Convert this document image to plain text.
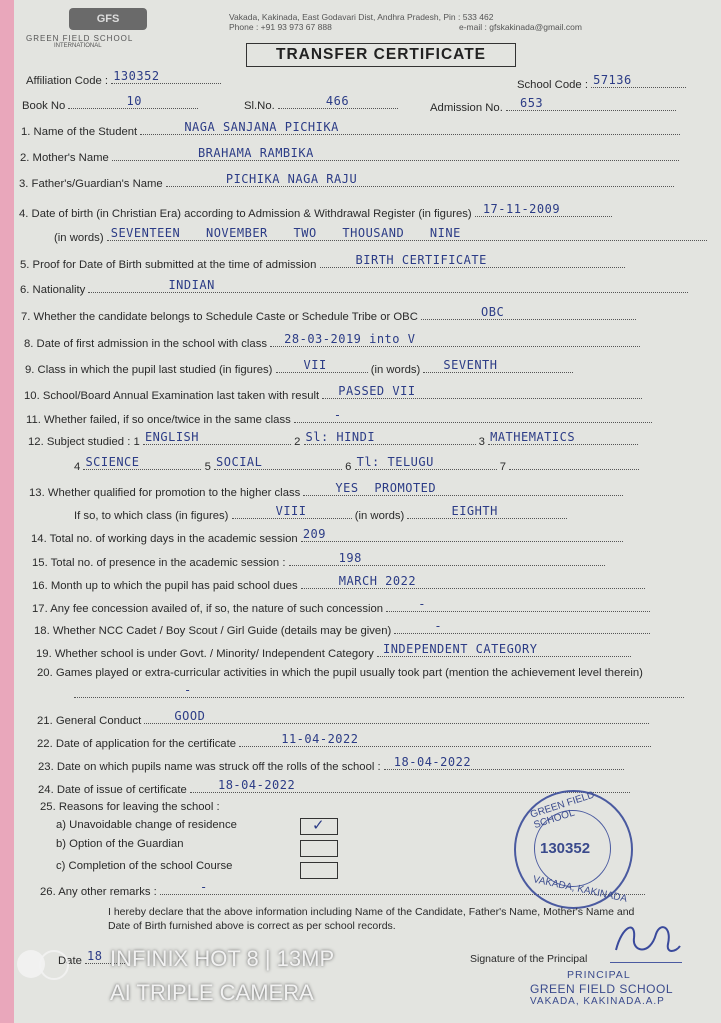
GFS
GREEN FIELD SCHOOL
INTERNATIONAL
Vakada, Kakinada, East Godavari Dist, Andhra Pradesh, Pin : 533 462
Phone : +91 93 973 67 888	e-mail : gfskakinada@gmail.com
TRANSFER CERTIFICATE
Affiliation Code : 130352
School Code : 57136
Book No	10	Sl.No.	466	Admission No. 653
1. Name of the Student	NAGA SANJANA PICHIKA
2. Mother's Name	BRAHAMA RAMBIKA
3. Father's/Guardian's Name	PICHIKA NAGA RAJU
4. Date of birth (in Christian Era) according to Admission & Withdrawal Register (in figures) 17-11-2009
(in words) SEVENTEEN NOVEMBER TWO THOUSAND NINE
5. Proof for Date of Birth submitted at the time of admission	BIRTH CERTIFICATE
6. Nationality	INDIAN
7. Whether the candidate belongs to Schedule Caste or Schedule Tribe or OBC	OBC
8. Date of first admission in the school with class 28-03-2019 into V
9. Class in which the pupil last studied (in figures)	VII	(in words) SEVENTH
10. School/Board Annual Examination last taken with result PASSED VII
11. Whether failed, if so once/twice in the same class	-
12. Subject studied : 1 ENGLISH	2 Sl: HINDI	3 MATHEMATICS
4 SCIENCE	5 SOCIAL	6 Tl: TELUGU	7
13. Whether qualified for promotion to the higher class	YES PROMOTED
If so, to which class (in figures)	VIII	(in words)	EIGHTH
14. Total no. of working days in the academic session 209
15. Total no. of presence in the academic session :	198
16. Month up to which the pupil has paid school dues	MARCH 2022
17. Any fee concession availed of, if so, the nature of such concession	-
18. Whether NCC Cadet / Boy Scout / Girl Guide (details may be given)	-
19. Whether school is under Govt. / Minority/ Independent Category INDEPENDENT CATEGORY
20. Games played or extra-curricular activities in which the pupil usually took part (mention the achievement level therein)
-
21. General Conduct	GOOD
22. Date of application for the certificate	11-04-2022
23. Date on which pupils name was struck off the rolls of the school : 18-04-2022
24. Date of issue of certificate	18-04-2022
25. Reasons for leaving the school :
a) Unavoidable change of residence	✓
b) Option of the Guardian
c) Completion of the school Course
26. Any other remarks :	-
GREEN FIELD SCHOOL
VAKADA, KAKINADA
130352
I hereby declare that the above information including Name of the Candidate, Father's Name, Mother's Name and
Date of Birth furnished above is correct as per school records.
Date 18	Signature of the Principal
PRINCIPAL
GREEN FIELD SCHOOL
VAKADA, KAKINADA.A.P
INFINIX HOT 8 | 13MP
AI TRIPLE CAMERA
